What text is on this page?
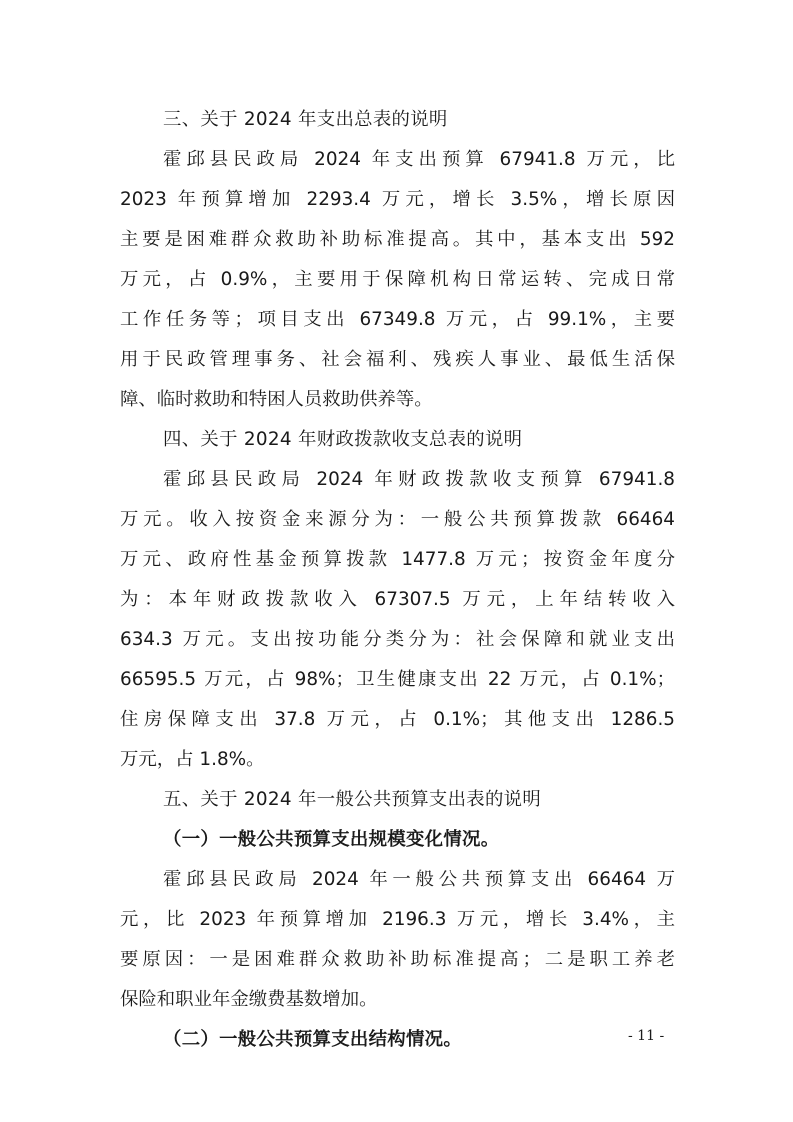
三、关于 2024 年支出总表的说明
霍邱县民政局 2024 年支出预算 67941.8 万元，比
2023 年预算增加 2293.4 万元，增长 3.5%，增长原因
主要是困难群众救助补助标准提高。其中，基本支出 592
万元，占 0.9%，主要用于保障机构日常运转、完成日常
工作任务等；项目支出 67349.8 万元，占 99.1%，主要
用于民政管理事务、社会福利、残疾人事业、最低生活保
障、临时救助和特困人员救助供养等。
四、关于 2024 年财政拨款收支总表的说明
霍邱县民政局 2024 年财政拨款收支预算 67941.8
万元。收入按资金来源分为：一般公共预算拨款 66464
万元、政府性基金预算拨款 1477.8 万元；按资金年度分
为：本年财政拨款收入 67307.5 万元，上年结转收入
634.3 万元。支出按功能分类分为：社会保障和就业支出
66595.5 万元，占 98%；卫生健康支出 22 万元，占 0.1%；
住房保障支出 37.8 万元，占 0.1%；其他支出 1286.5
万元，占 1.8%。
五、关于 2024 年一般公共预算支出表的说明
（一）一般公共预算支出规模变化情况。
霍邱县民政局 2024 年一般公共预算支出 66464 万
元，比 2023 年预算增加 2196.3 万元，增长 3.4%，主
要原因：一是困难群众救助补助标准提高；二是职工养老
保险和职业年金缴费基数增加。
（二）一般公共预算支出结构情况。	- 11 -
